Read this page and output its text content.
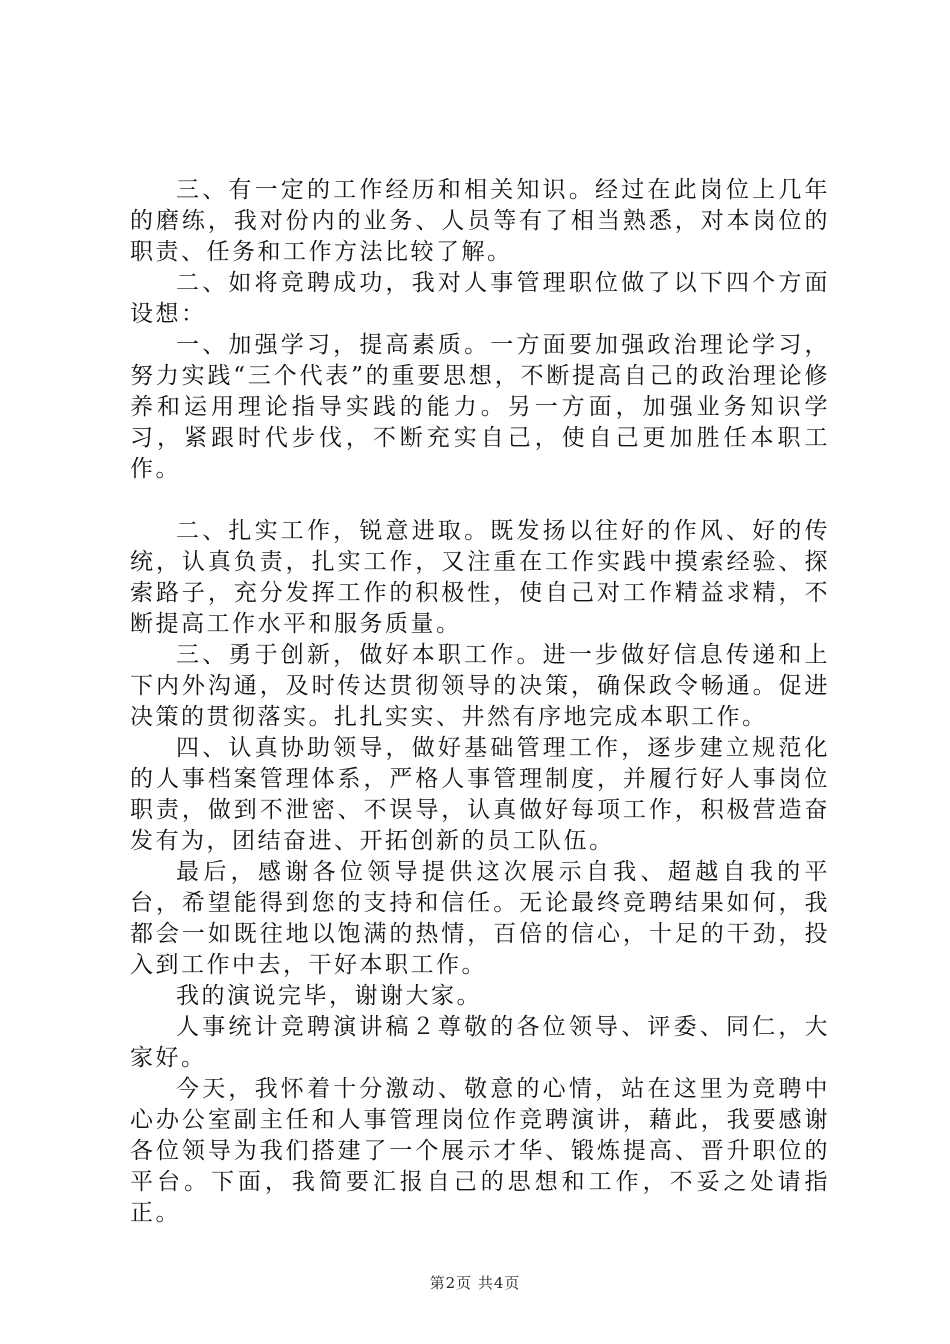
三、有一定的工作经历和相关知识。经过在此岗位上几年的磨练，我对份内的业务、人员等有了相当熟悉，对本岗位的职责、任务和工作方法比较了解。

二、如将竞聘成功，我对人事管理职位做了以下四个方面设想：

一、加强学习，提高素质。一方面要加强政治理论学习，努力实践“三个代表”的重要思想，不断提高自己的政治理论修养和运用理论指导实践的能力。另一方面，加强业务知识学习，紧跟时代步伐，不断充实自己，使自己更加胜任本职工作。

二、扎实工作，锐意进取。既发扬以往好的作风、好的传统，认真负责，扎实工作，又注重在工作实践中摸索经验、探索路子，充分发挥工作的积极性，使自己对工作精益求精，不断提高工作水平和服务质量。

三、勇于创新，做好本职工作。进一步做好信息传递和上下内外沟通，及时传达贯彻领导的决策，确保政令畅通。促进决策的贯彻落实。扎扎实实、井然有序地完成本职工作。

四、认真协助领导，做好基础管理工作，逐步建立规范化的人事档案管理体系，严格人事管理制度，并履行好人事岗位职责，做到不泄密、不误导，认真做好每项工作，积极营造奋发有为，团结奋进、开拓创新的员工队伍。

最后，感谢各位领导提供这次展示自我、超越自我的平台，希望能得到您的支持和信任。无论最终竞聘结果如何，我都会一如既往地以饱满的热情，百倍的信心，十足的干劲，投入到工作中去，干好本职工作。

我的演说完毕，谢谢大家。

人事统计竞聘演讲稿２尊敬的各位领导、评委、同仁，大家好。

今天，我怀着十分激动、敬意的心情，站在这里为竞聘中心办公室副主任和人事管理岗位作竞聘演讲，藉此，我要感谢各位领导为我们搭建了一个展示才华、锻炼提高、晋升职位的平台。下面，我简要汇报自己的思想和工作，不妥之处请指正。

第2页 共4页
